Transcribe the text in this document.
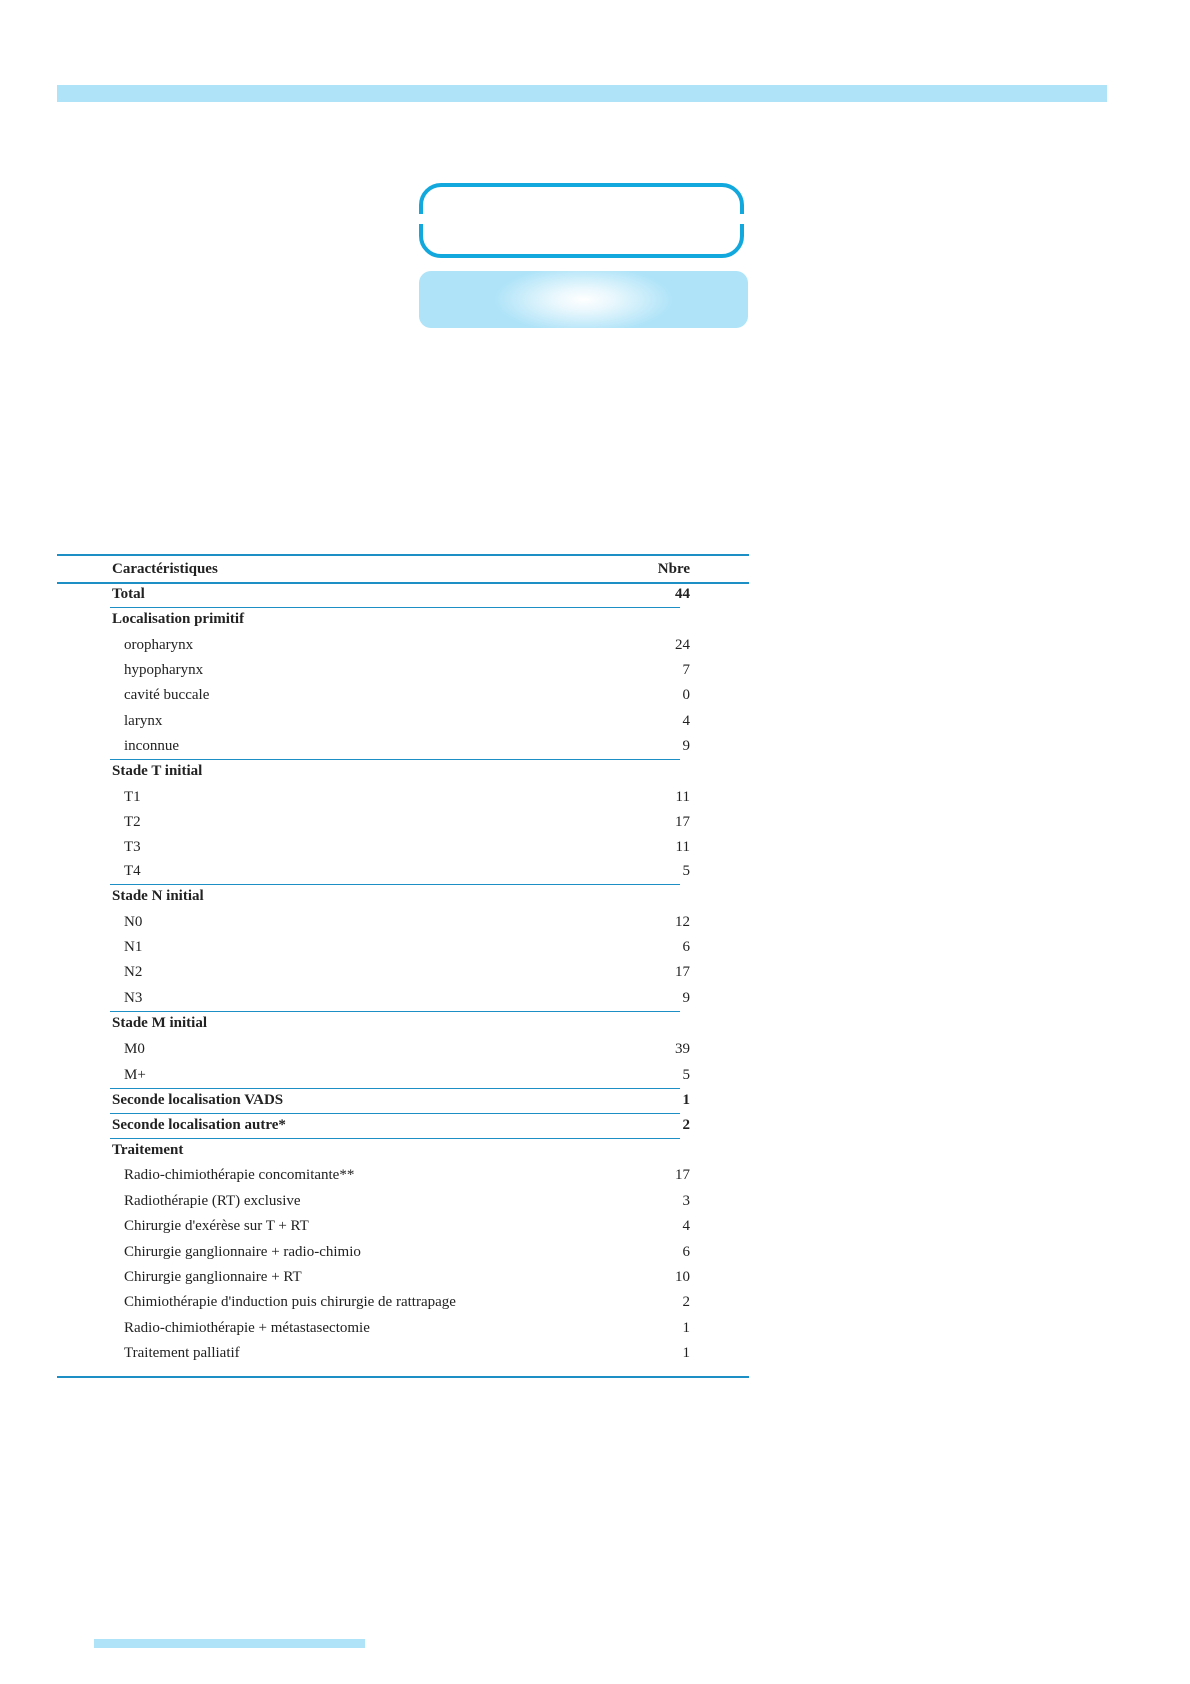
Caractéristiques	Nbre
Total	44
Localisation primitif
oropharynx	24
hypopharynx	7
cavité buccale	0
larynx	4
inconnue	9
Stade T initial
T1	11
T2	17
T3	11
T4	5
Stade N initial
N0	12
N1	6
N2	17
N3	9
Stade M initial
M0	39
M+	5
Seconde localisation VADS	1
Seconde localisation autre*	2
Traitement
Radio-chimiothérapie concomitante**	17
Radiothérapie (RT) exclusive	3
Chirurgie d'exérèse sur T + RT	4
Chirurgie ganglionnaire + radio-chimio	6
Chirurgie ganglionnaire + RT	10
Chimiothérapie d'induction puis chirurgie de rattrapage	2
Radio-chimiothérapie + métastasectomie	1
Traitement palliatif	1
